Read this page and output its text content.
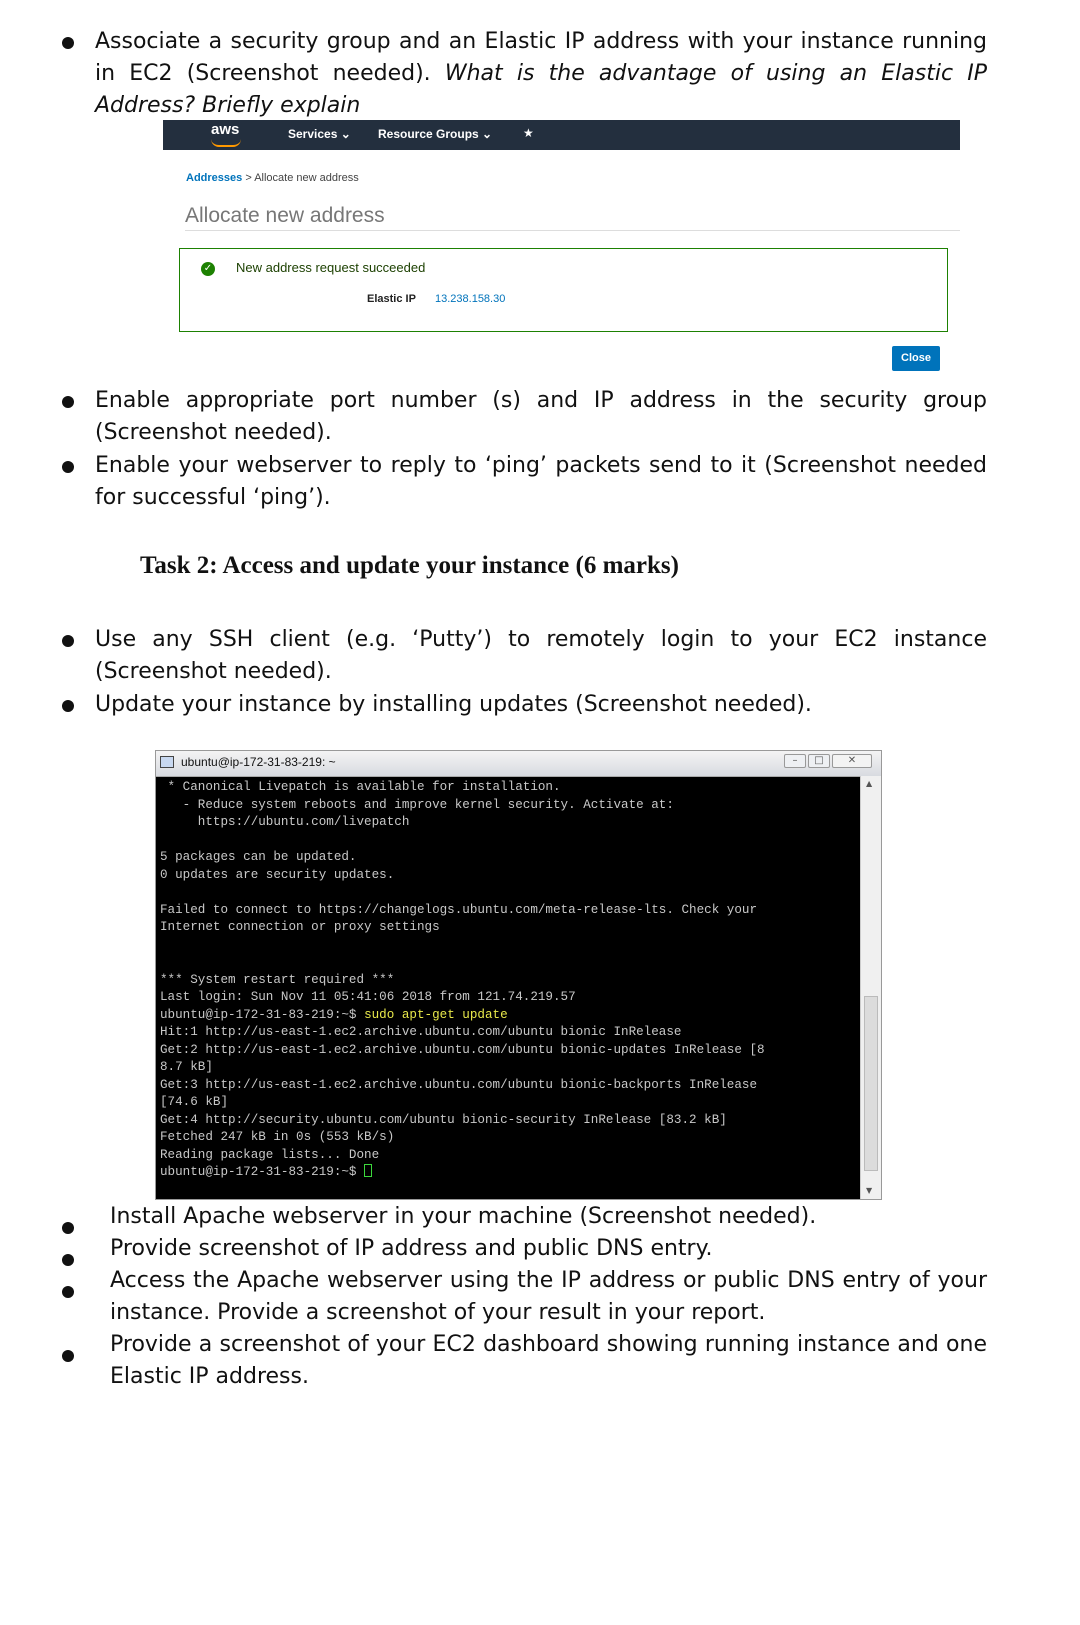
Associate a security group and an Elastic IP address with your instance running in EC2 (Screenshot needed). What is the advantage of using an Elastic IP Address? Briefly explain
aws	Services ⌄ Resource Groups ⌄	★
Addresses > Allocate new address
Allocate new address
✓ New address request succeeded
Elastic IP 13.238.158.30
Close
Enable appropriate port number (s) and IP address in the security group (Screenshot needed).
Enable your webserver to reply to ‘ping’ packets send to it (Screenshot needed for successful ‘ping’).
Task 2: Access and update your instance (6 marks)
Use any SSH client (e.g. ‘Putty’) to remotely login to your EC2 instance (Screenshot needed).
Update your instance by installing updates (Screenshot needed).
ubuntu@ip-172-31-83-219: ~	–	□	✕
* Canonical Livepatch is available for installation.
- Reduce system reboots and improve kernel security. Activate at:
https://ubuntu.com/livepatch

5 packages can be updated.
0 updates are security updates.

Failed to connect to https://changelogs.ubuntu.com/meta-release-lts. Check your
Internet connection or proxy settings

*** System restart required ***
Last login: Sun Nov 11 05:41:06 2018 from 121.74.219.57
ubuntu@ip-172-31-83-219:~$ sudo apt-get update
Hit:1 http://us-east-1.ec2.archive.ubuntu.com/ubuntu bionic InRelease
Get:2 http://us-east-1.ec2.archive.ubuntu.com/ubuntu bionic-updates InRelease [8
8.7 kB]
Get:3 http://us-east-1.ec2.archive.ubuntu.com/ubuntu bionic-backports InRelease
[74.6 kB]
Get:4 http://security.ubuntu.com/ubuntu bionic-security InRelease [83.2 kB]
Fetched 247 kB in 0s (553 kB/s)
Reading package lists... Done
ubuntu@ip-172-31-83-219:~$
▲
▼
Install Apache webserver in your machine (Screenshot needed).
Provide screenshot of IP address and public DNS entry.
Access the Apache webserver using the IP address or public DNS entry of your instance. Provide a screenshot of your result in your report.
Provide a screenshot of your EC2 dashboard showing running instance and one Elastic IP address.
